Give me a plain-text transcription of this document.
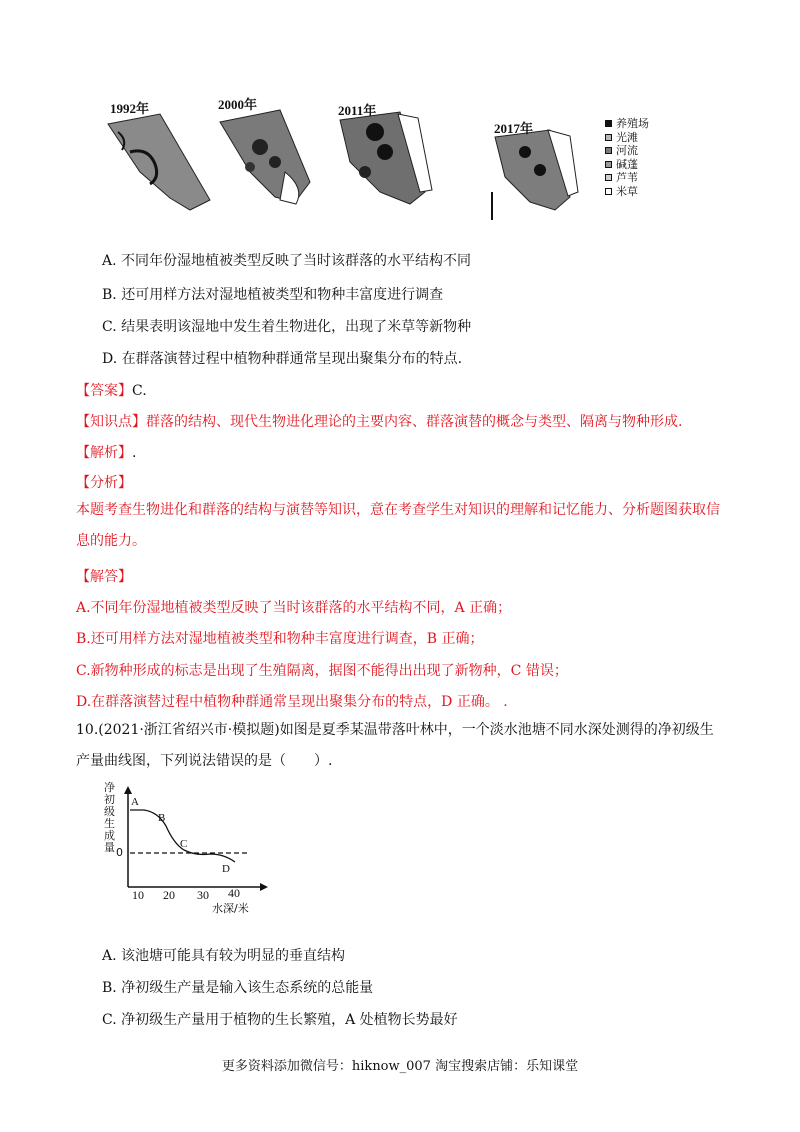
1992年	2000年	2011年
2017年	养殖场
光滩
河流
碱蓬
芦苇
米草
A. 不同年份湿地植被类型反映了当时该群落的水平结构不同
B. 还可用样方法对湿地植被类型和物种丰富度进行调查
C. 结果表明该湿地中发生着生物进化，出现了米草等新物种
D. 在群落演替过程中植物种群通常呈现出聚集分布的特点.
【答案】C.
【知识点】群落的结构、现代生物进化理论的主要内容、群落演替的概念与类型、隔离与物种形成.
【解析】.
【分析】
本题考查生物进化和群落的结构与演替等知识，意在考查学生对知识的理解和记忆能力、分析题图获取信息的能力。
【解答】
A.不同年份湿地植被类型反映了当时该群落的水平结构不同，A 正确；
B.还可用样方法对湿地植被类型和物种丰富度进行调查，B 正确；
C.新物种形成的标志是出现了生殖隔离，据图不能得出出现了新物种，C 错误；
D.在群落演替过程中植物种群通常呈现出聚集分布的特点，D 正确。 .
10.(2021·浙江省绍兴市·模拟题)如图是夏季某温带落叶林中，一个淡水池塘不同水深处测得的净初级生产量曲线图，下列说法错误的是（　　）.
净初级生成量 0
A
B
C
D
10 20 30 40
水深/米
A. 该池塘可能具有较为明显的垂直结构
B. 净初级生产量是输入该生态系统的总能量
C. 净初级生产量用于植物的生长繁殖，A 处植物长势最好
更多资料添加微信号：hiknow_007 淘宝搜索店铺：乐知课堂
